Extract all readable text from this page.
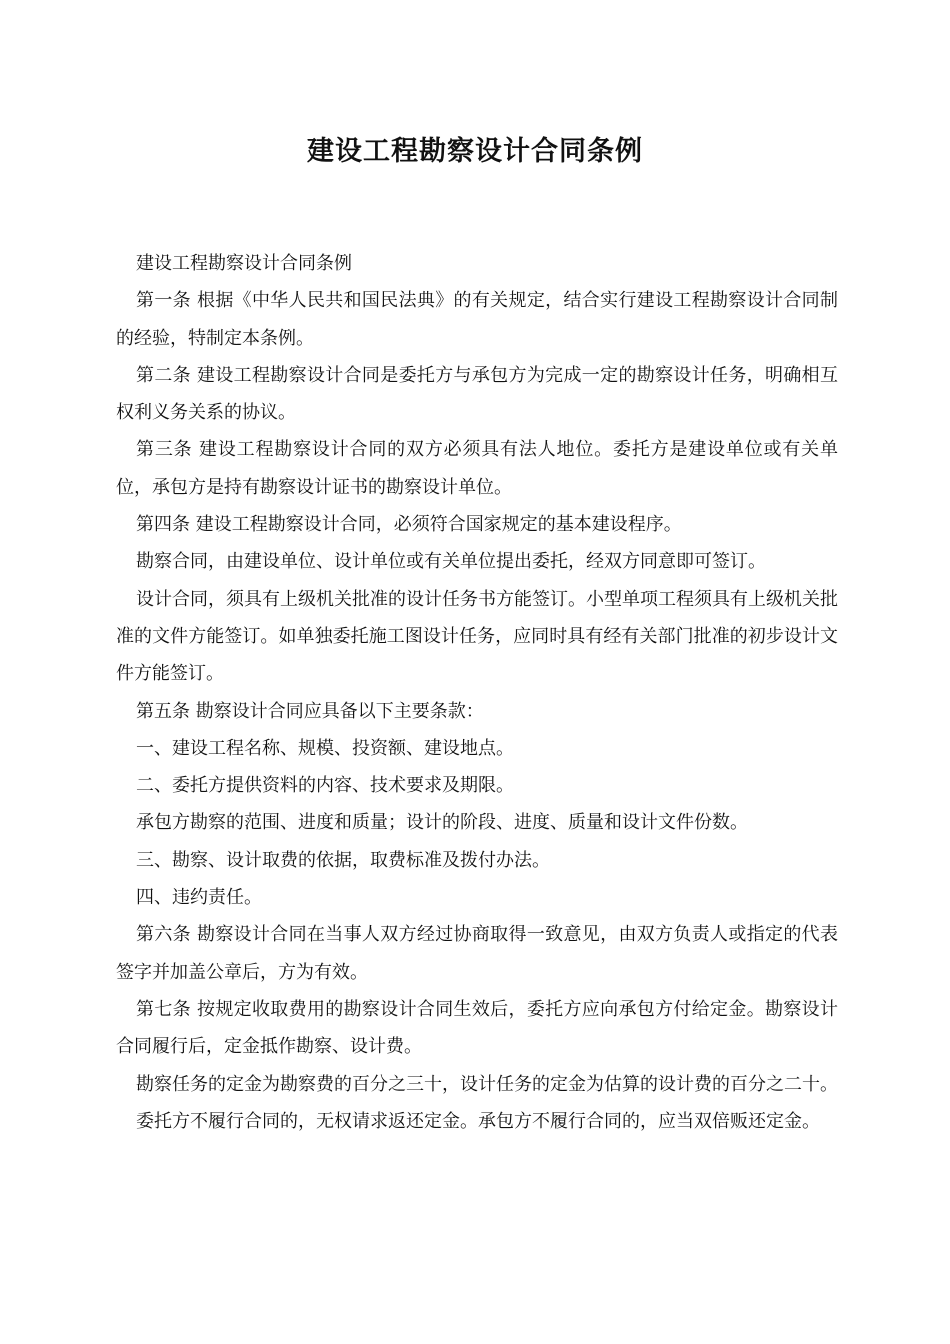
建设工程勘察设计合同条例

建设工程勘察设计合同条例

第一条 根据《中华人民共和国民法典》的有关规定，结合实行建设工程勘察设计合同制的经验，特制定本条例。

第二条 建设工程勘察设计合同是委托方与承包方为完成一定的勘察设计任务，明确相互权利义务关系的协议。

第三条 建设工程勘察设计合同的双方必须具有法人地位。委托方是建设单位或有关单位，承包方是持有勘察设计证书的勘察设计单位。

第四条 建设工程勘察设计合同，必须符合国家规定的基本建设程序。

勘察合同，由建设单位、设计单位或有关单位提出委托，经双方同意即可签订。

设计合同，须具有上级机关批准的设计任务书方能签订。小型单项工程须具有上级机关批准的文件方能签订。如单独委托施工图设计任务，应同时具有经有关部门批准的初步设计文件方能签订。

第五条 勘察设计合同应具备以下主要条款：

一、建设工程名称、规模、投资额、建设地点。

二、委托方提供资料的内容、技术要求及期限。

承包方勘察的范围、进度和质量；设计的阶段、进度、质量和设计文件份数。

三、勘察、设计取费的依据，取费标准及拨付办法。

四、违约责任。

第六条 勘察设计合同在当事人双方经过协商取得一致意见，由双方负责人或指定的代表签字并加盖公章后，方为有效。

第七条 按规定收取费用的勘察设计合同生效后，委托方应向承包方付给定金。勘察设计合同履行后，定金抵作勘察、设计费。

勘察任务的定金为勘察费的百分之三十，设计任务的定金为估算的设计费的百分之二十。

委托方不履行合同的，无权请求返还定金。承包方不履行合同的，应当双倍贩还定金。
